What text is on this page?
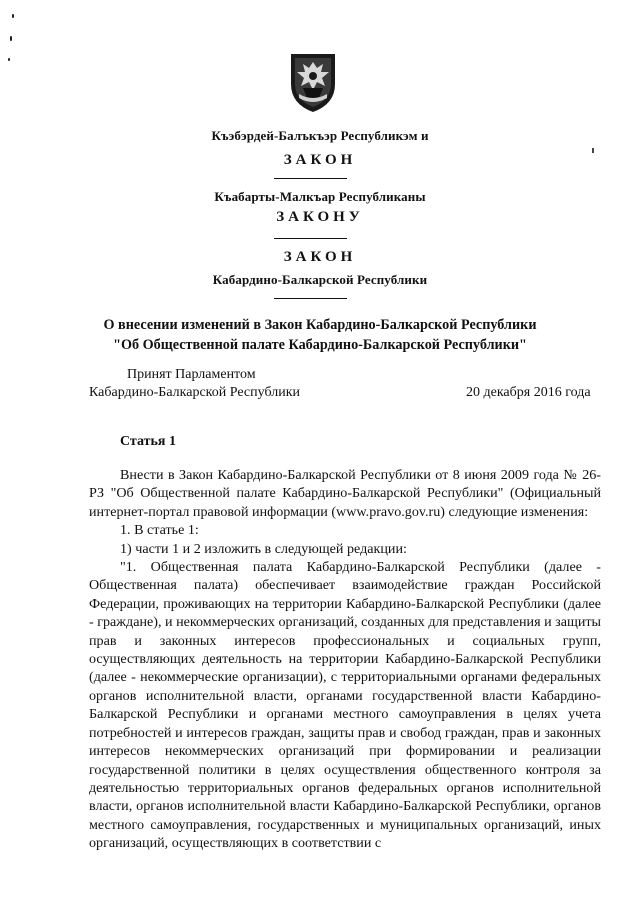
Къэбэрдей-Балъкъэр Республикэм и
ЗАКОН
Къабарты-Малкъар Республиканы
ЗАКОНУ
ЗАКОН
Кабардино-Балкарской Республики
О внесении изменений в Закон Кабардино-Балкарской Республики
"Об Общественной палате Кабардино-Балкарской Республики"
Принят Парламентом
Кабардино-Балкарской Республики	20 декабря 2016 года
Статья 1

Внести в Закон Кабардино-Балкарской Республики от 8 июня 2009 года № 26-РЗ "Об Общественной палате Кабардино-Балкарской Республики" (Официальный интернет-портал правовой информации (www.pravo.gov.ru) следующие изменения:

1. В статье 1:

1) части 1 и 2 изложить в следующей редакции:

"1. Общественная палата Кабардино-Балкарской Республики (далее - Общественная палата) обеспечивает взаимодействие граждан Российской Федерации, проживающих на территории Кабардино-Балкарской Республики (далее - граждане), и некоммерческих организаций, созданных для представления и защиты прав и законных интересов профессиональных и социальных групп, осуществляющих деятельность на территории Кабардино-Балкарской Республики (далее - некоммерческие организации), с территориальными органами федеральных органов исполнительной власти, органами государственной власти Кабардино-Балкарской Республики и органами местного самоуправления в целях учета потребностей и интересов граждан, защиты прав и свобод граждан, прав и законных интересов некоммерческих организаций при формировании и реализации государственной политики в целях осуществления общественного контроля за деятельностью территориальных органов федеральных органов исполнительной власти, органов исполнительной власти Кабардино-Балкарской Республики, органов местного самоуправления, государственных и муниципальных организаций, иных организаций, осуществляющих в соответствии с
